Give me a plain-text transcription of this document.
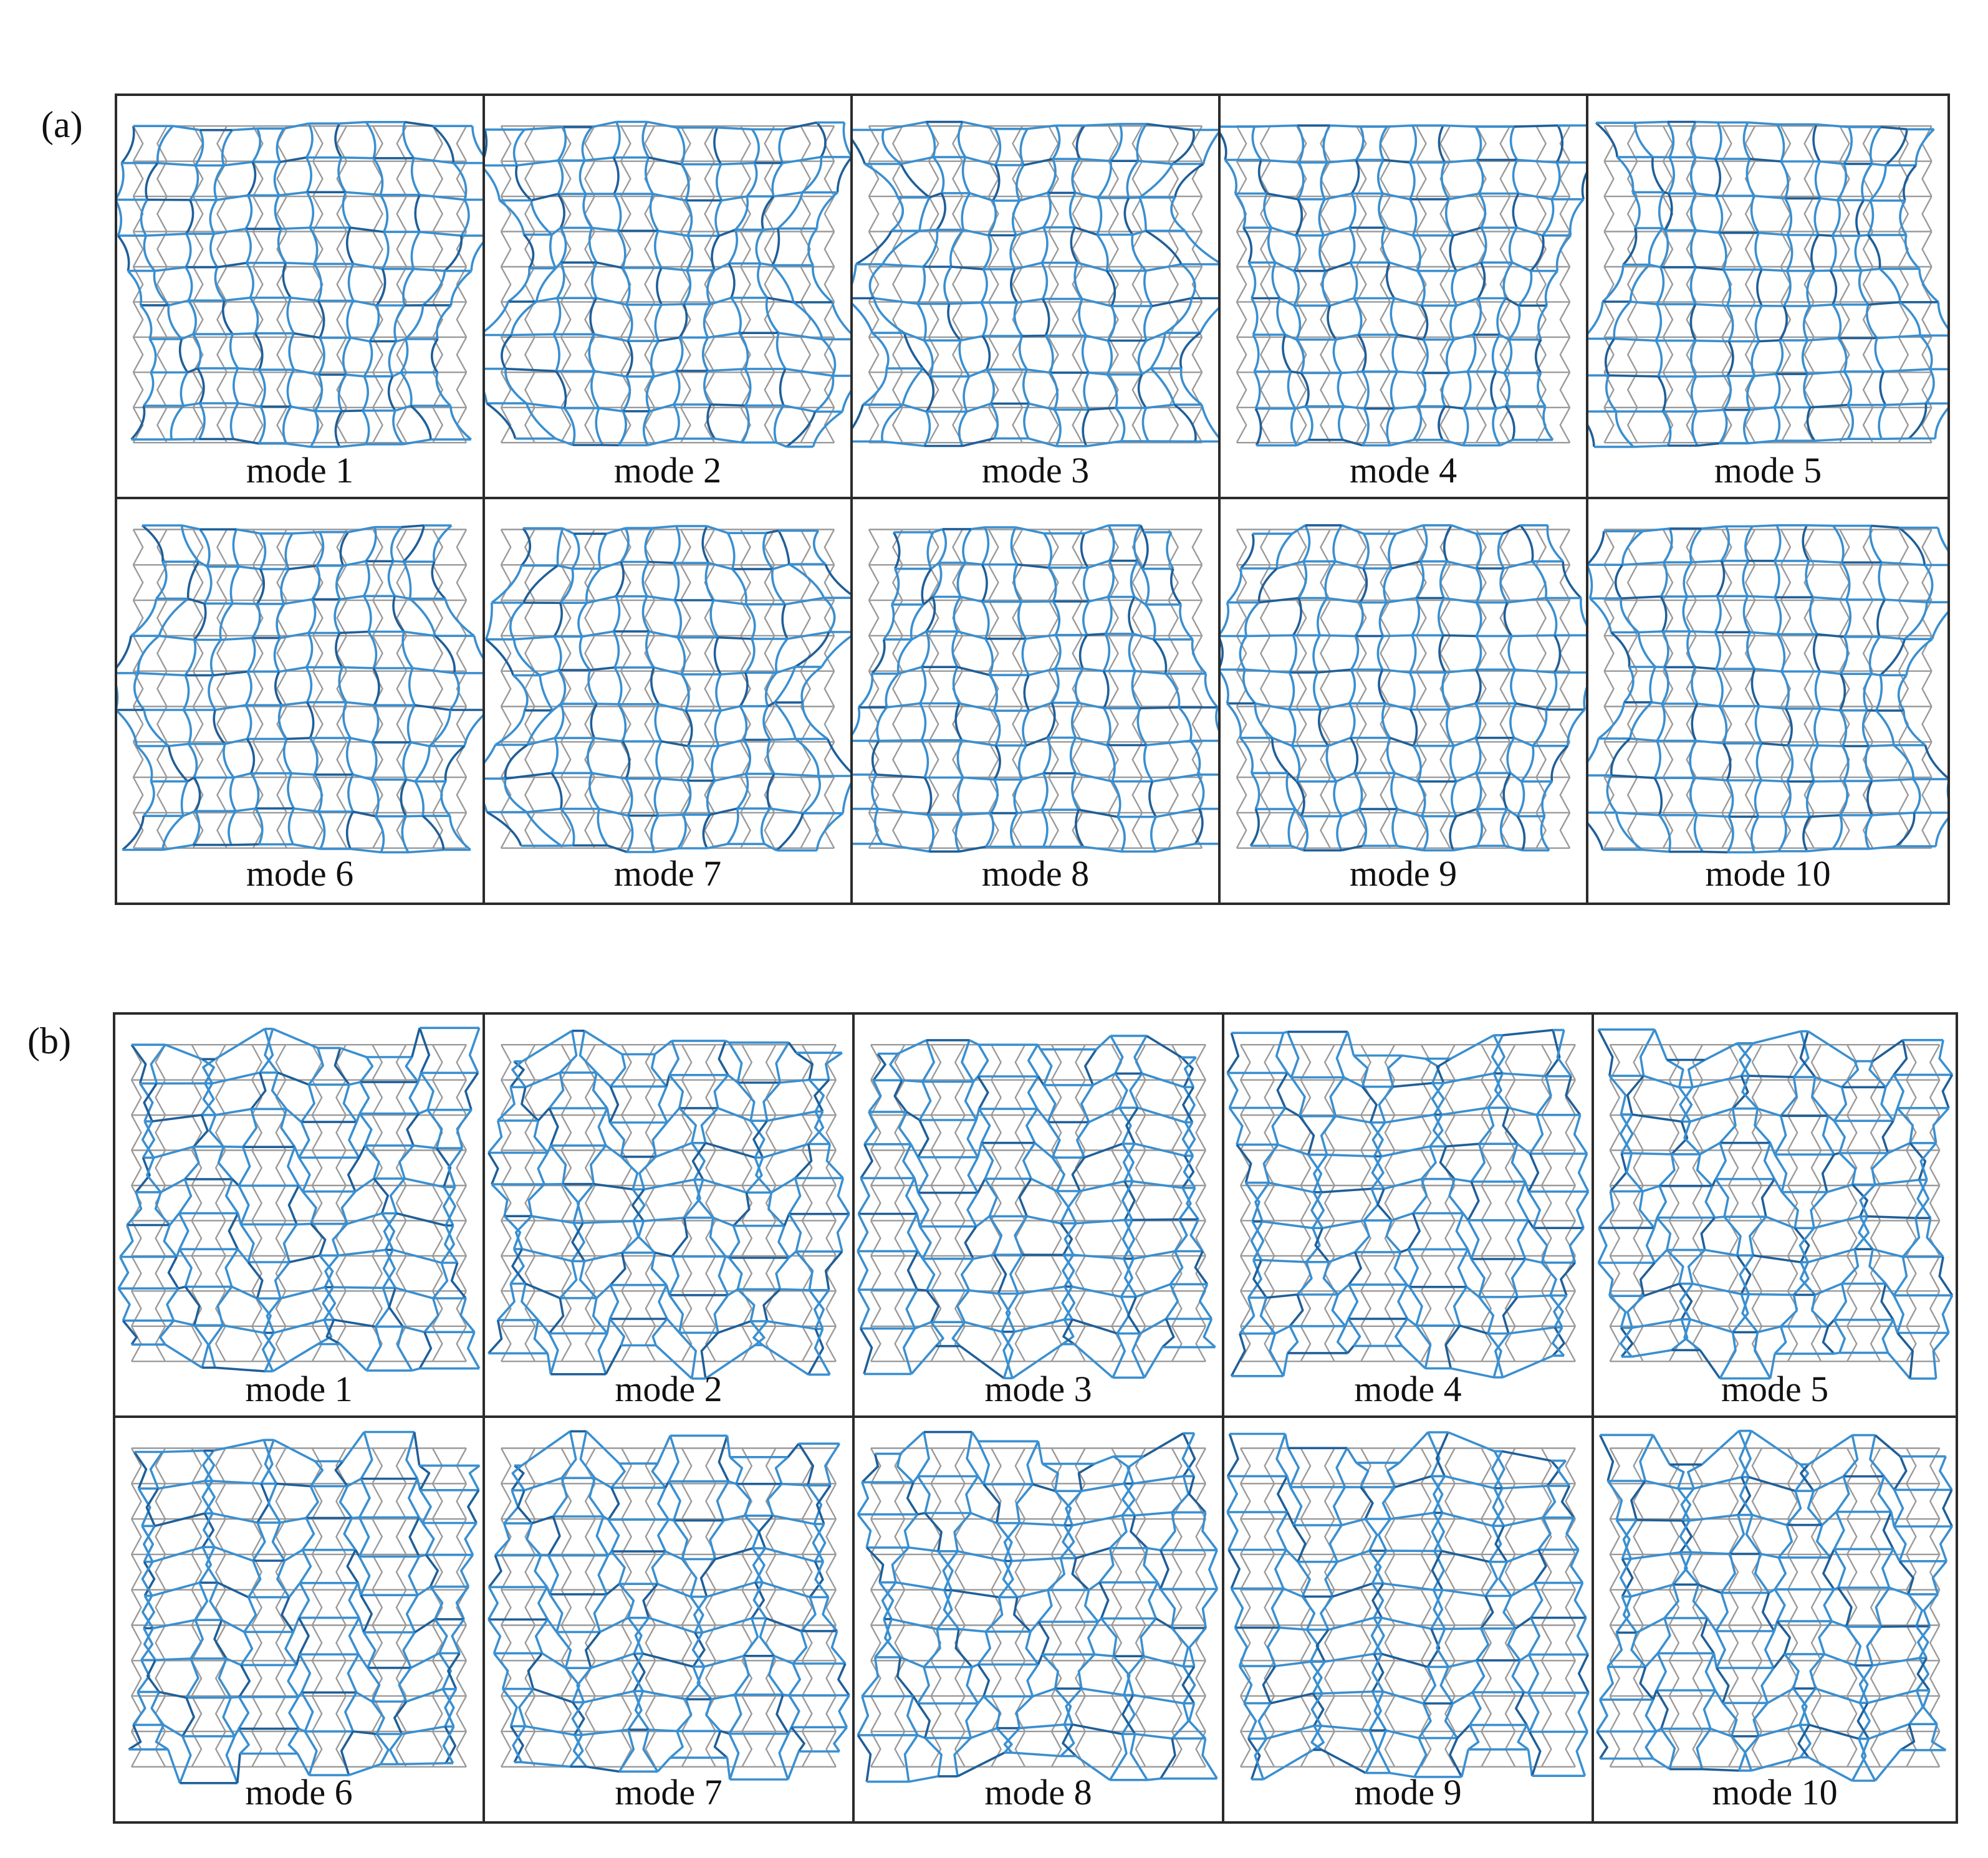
(a)
mode 1	mode 2	mode 3	mode 4	mode 5
mode 6	mode 7	mode 8	mode 9	mode 10
(b)
mode 1	mode 2	mode 3	mode 4	mode 5
mode 6	mode 7	mode 8	mode 9	mode 10
